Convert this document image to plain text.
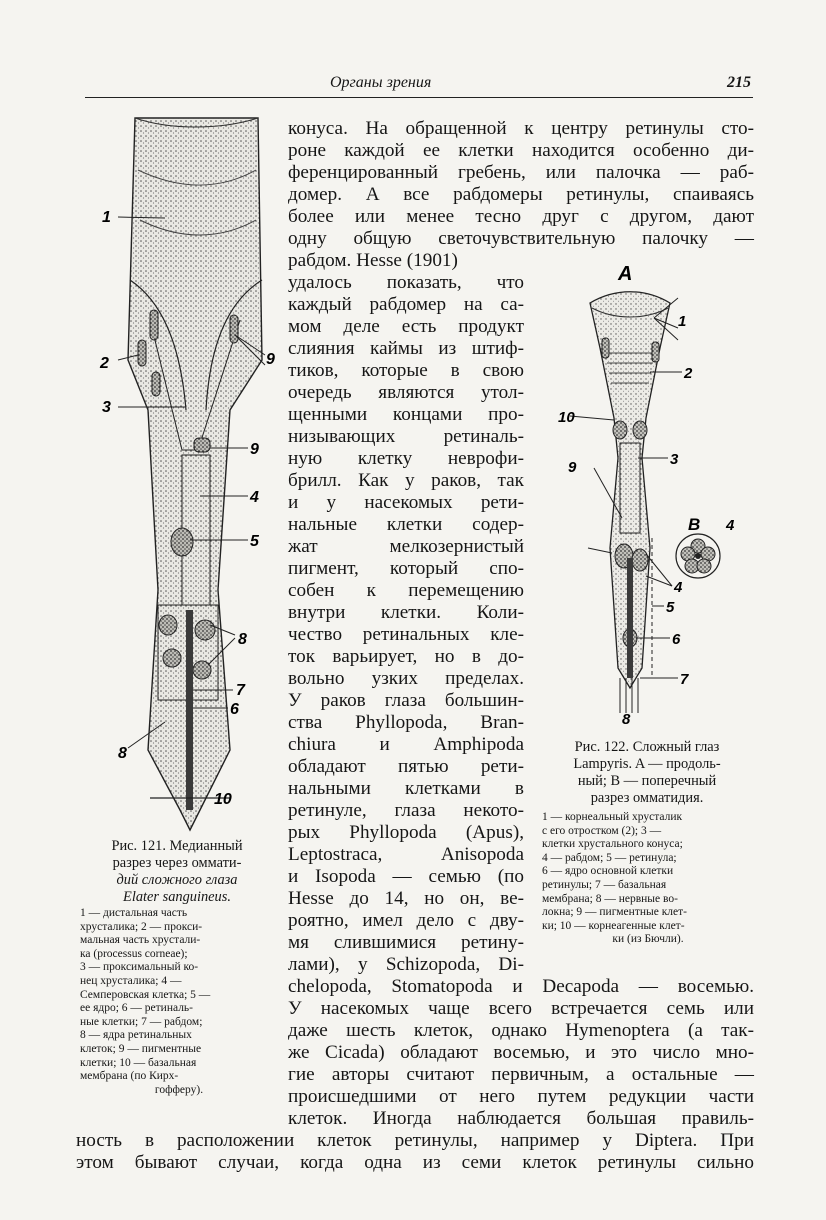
Органы зрения	215
1
2
3
9
9
4
5
8
7
6
8
10
Рис. 121. Медианный
разрез через оммати-
дий сложного глаза
Elater sanguineus.
1 — дистальная часть
хрусталика; 2 — прокси-
мальная часть хрустали-
ка (processus corneae);
3 — проксимальный ко-
нец хрусталика; 4 —
Семперовская клетка; 5 —
ее ядро; 6 — ретиналь-
ные клетки; 7 — рабдом;
8 — ядра ретинальных
клеток; 9 — пигментные
клетки; 10 — базальная
мембрана (по Кирх-
гофферу).
конуса. На обращенной к центру ретинулы сто-
роне каждой ее клетки находится особенно ди-
ференцированный гребень, или палочка — раб-
домер. А все рабдомеры ретинулы, спаиваясь
более или менее тесно друг с другом, дают
одну общую светочувствительную палочку —
рабдом. Hesse (1901)
удалось показать, что
каждый рабдомер на са-
мом деле есть продукт
слияния каймы из штиф-
тиков, которые в свою
очередь являются утол-
щенными концами про-
низывающих ретиналь-
ную клетку неврофи-
брилл. Как у раков, так
и у насекомых рети-
нальные клетки содер-
жат мелкозернистый
пигмент, который спо-
собен к перемещению
внутри клетки. Коли-
чество ретинальных кле-
ток варьирует, но в до-
вольно узких пределах.
У раков глаза большин-
ства Phyllopoda, Bran-
chiura и Amphipoda
обладают пятью рети-
нальными клетками в
ретинуле, глаза некото-
рых Phyllopoda (Apus),
Leptostraca, Anisopoda
и Isopoda — семью (по
Hesse до 14, но он, ве-
роятно, имел дело с дву-
мя слившимися ретину-
лами), у Schizopoda, Di-
A
B
1
2
10
9	3
4
4
5
6
7
8
Рис. 122. Сложный глаз
Lampyris. A — продоль-
ный; B — поперечный
разрез омматидия.
1 — корнеальный хрусталик
с его отростком (2); 3 —
клетки хрустального конуса;
4 — рабдом; 5 — ретинула;
6 — ядро основной клетки
ретинулы; 7 — базальная
мембрана; 8 — нервные во-
локна; 9 — пигментные клет-
ки; 10 — корнеагенные клет-
ки (из Бючли).
chelopoda, Stomatopoda и Decapoda — восемью.
У насекомых чаще всего встречается семь или
даже шесть клеток, однако Hymenoptera (а так-
же Cicada) обладают восемью, и это число мно-
гие авторы считают первичным, а остальные —
происшедшими от него путем редукции части
клеток. Иногда наблюдается большая правиль-
ность в расположении клеток ретинулы, например у Diptera. При
этом бывают случаи, когда одна из семи клеток ретинулы сильно
